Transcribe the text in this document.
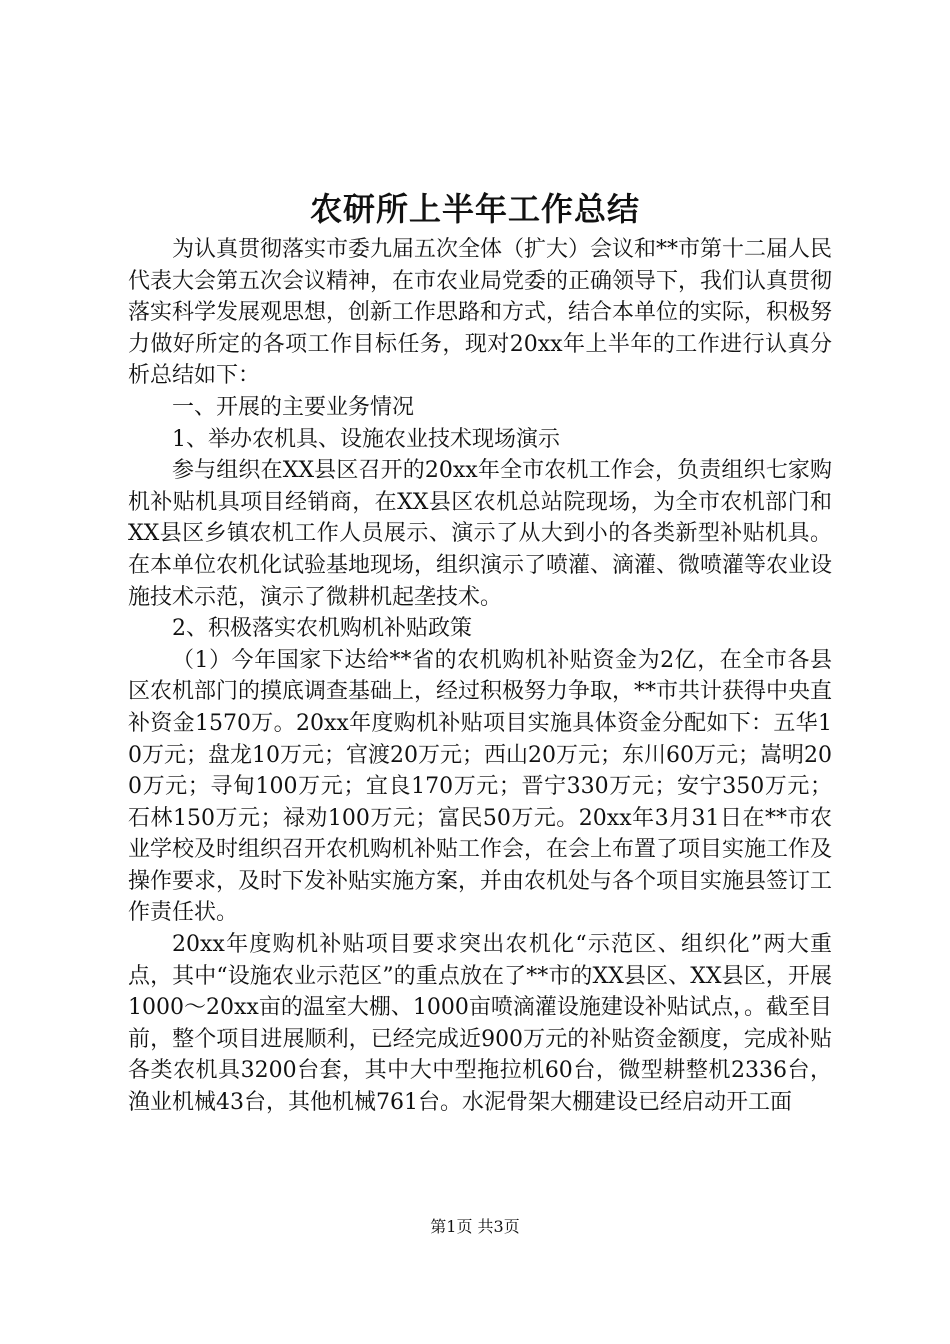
农研所上半年工作总结

为认真贯彻落实市委九届五次全体（扩大）会议和**市第十二届人民代表大会第五次会议精神，在市农业局党委的正确领导下，我们认真贯彻落实科学发展观思想，创新工作思路和方式，结合本单位的实际，积极努力做好所定的各项工作目标任务，现对20xx年上半年的工作进行认真分析总结如下：

一、开展的主要业务情况

1、举办农机具、设施农业技术现场演示

参与组织在XX县区召开的20xx年全市农机工作会，负责组织七家购机补贴机具项目经销商，在XX县区农机总站院现场，为全市农机部门和XX县区乡镇农机工作人员展示、演示了从大到小的各类新型补贴机具。在本单位农机化试验基地现场，组织演示了喷灌、滴灌、微喷灌等农业设施技术示范，演示了微耕机起垄技术。

2、积极落实农机购机补贴政策

（1）今年国家下达给**省的农机购机补贴资金为2亿，在全市各县区农机部门的摸底调查基础上，经过积极努力争取，**市共计获得中央直补资金1570万。20xx年度购机补贴项目实施具体资金分配如下：五华10万元；盘龙10万元；官渡20万元；西山20万元；东川60万元；嵩明200万元；寻甸100万元；宜良170万元；晋宁330万元；安宁350万元；石林150万元；禄劝100万元；富民50万元。20xx年3月31日在**市农业学校及时组织召开农机购机补贴工作会，在会上布置了项目实施工作及操作要求，及时下发补贴实施方案，并由农机处与各个项目实施县签订工作责任状。

20xx年度购机补贴项目要求突出农机化“示范区、组织化”两大重点，其中“设施农业示范区”的重点放在了**市的XX县区、XX县区，开展1000～20xx亩的温室大棚、1000亩喷滴灌设施建设补贴试点，。截至目前，整个项目进展顺利，已经完成近900万元的补贴资金额度，完成补贴各类农机具3200台套，其中大中型拖拉机60台，微型耕整机2336台，渔业机械43台，其他机械761台。水泥骨架大棚建设已经启动开工面

第1页 共3页
